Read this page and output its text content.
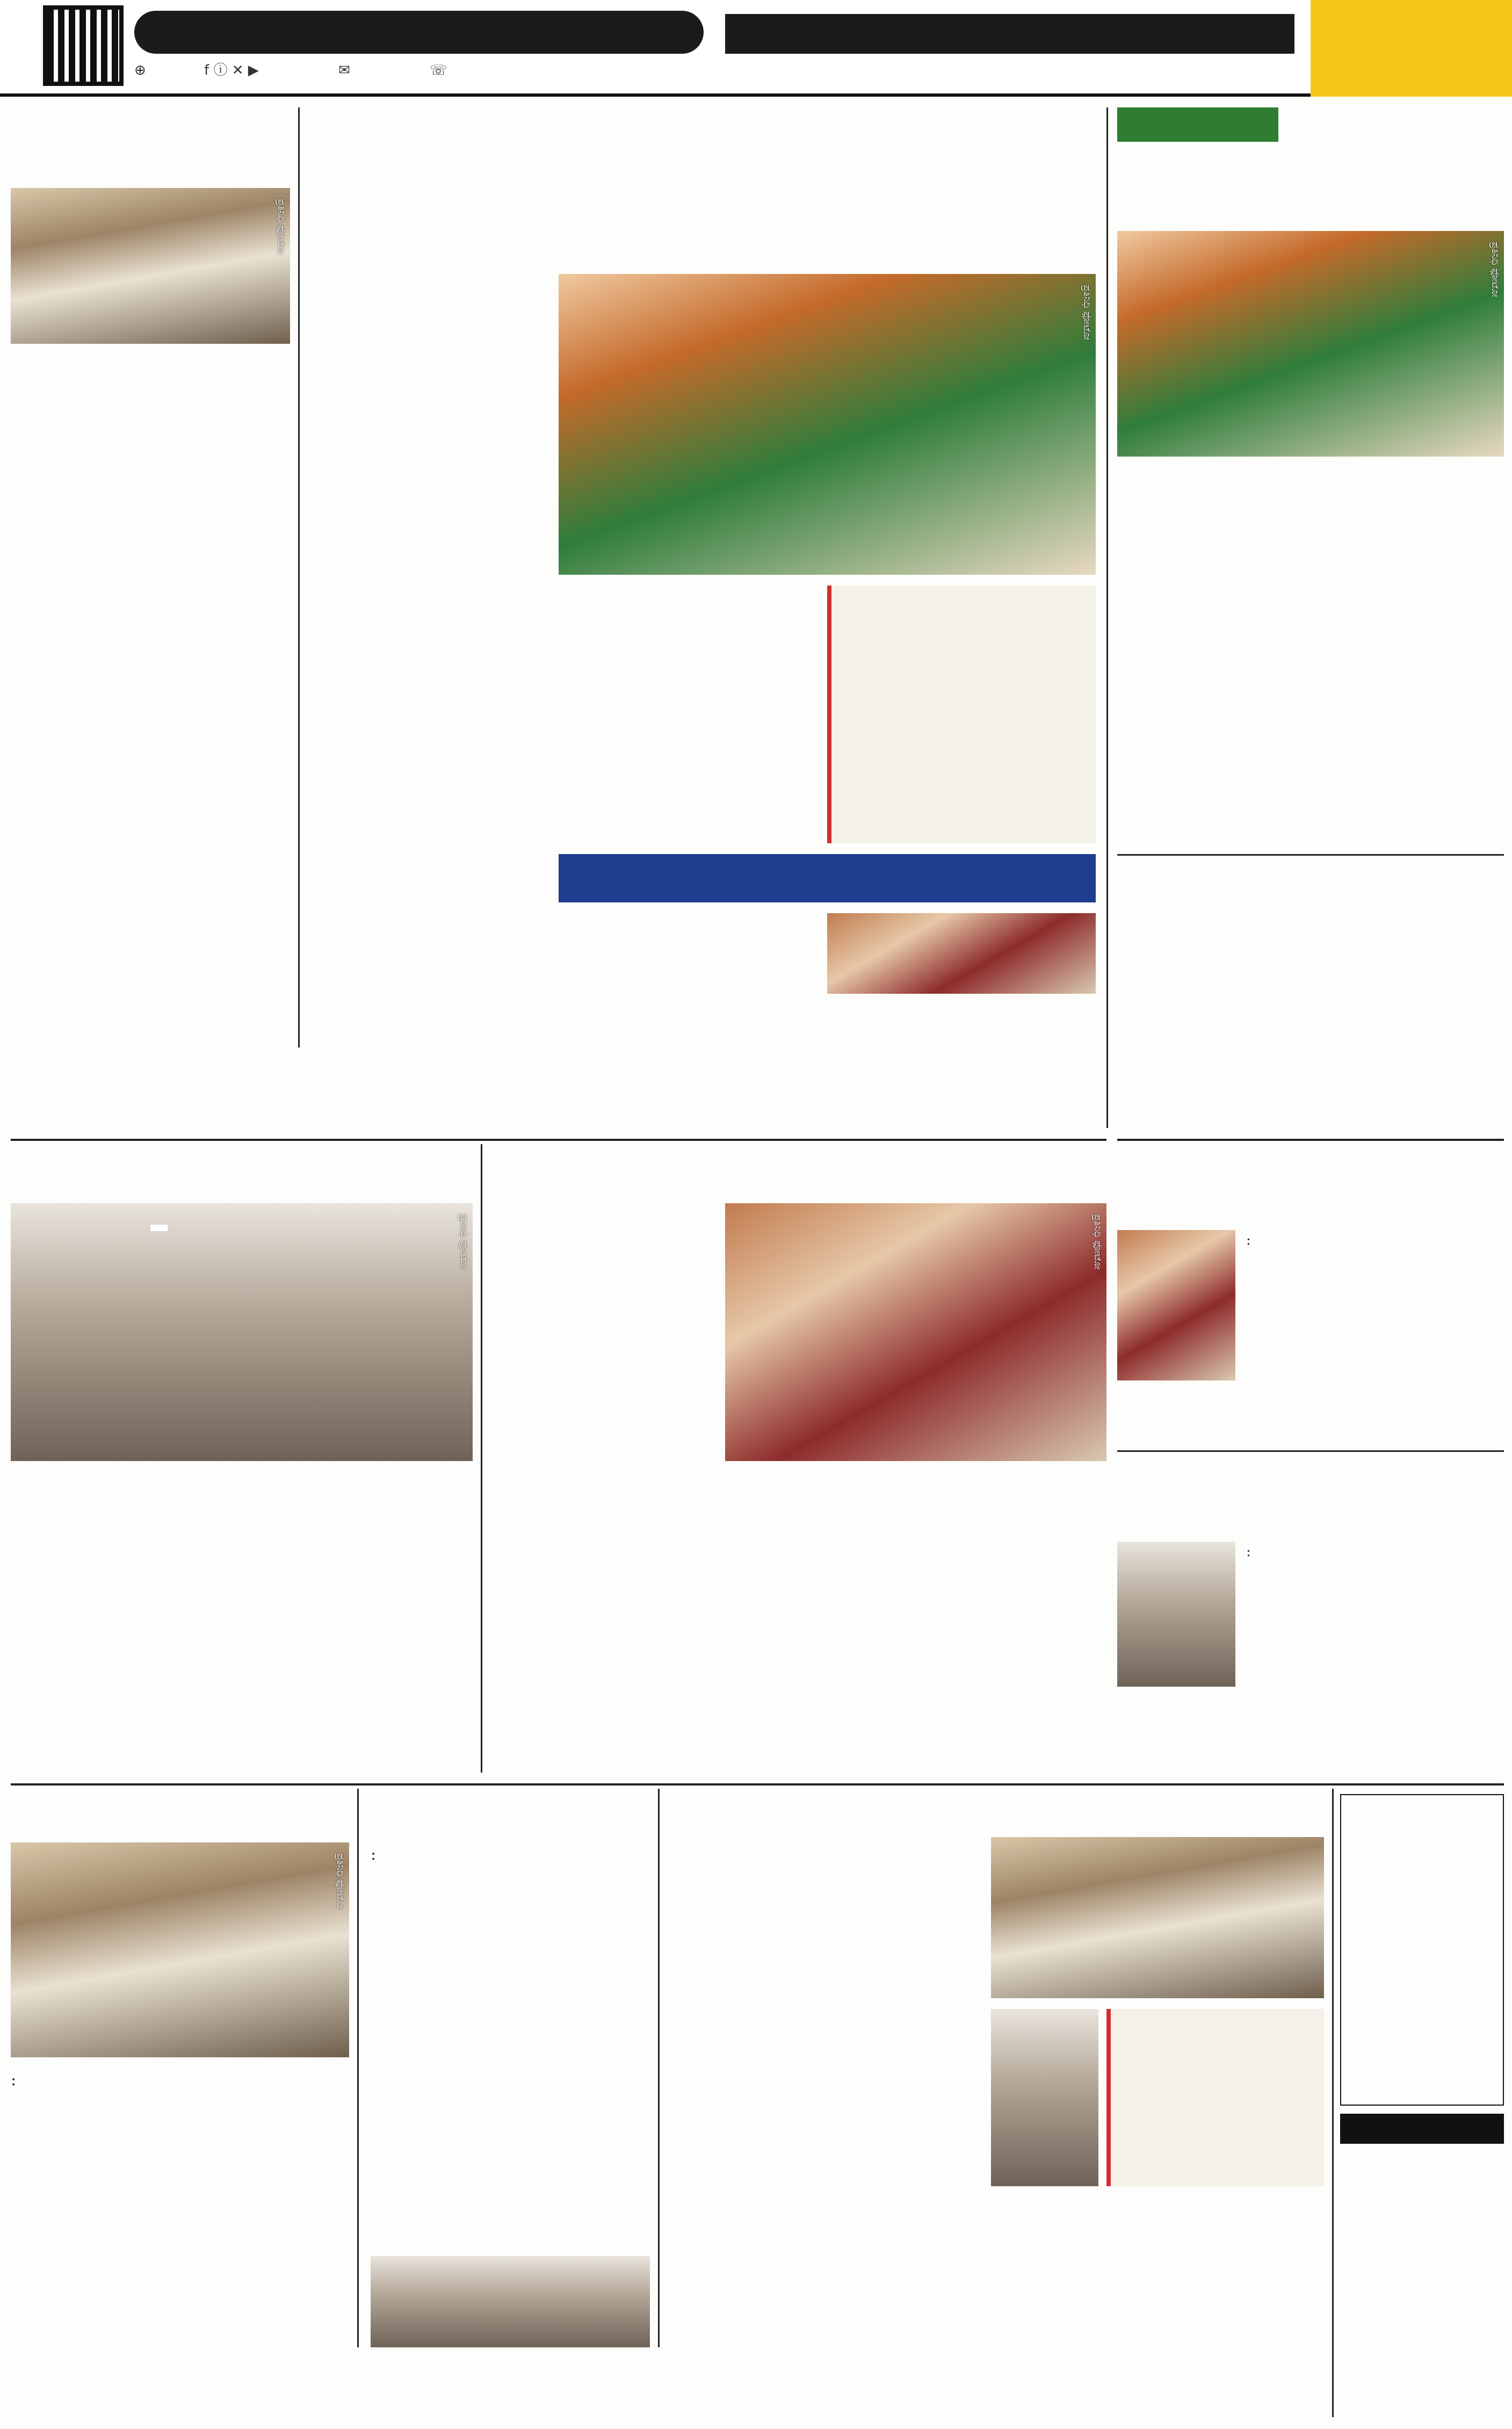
⊕	f ⓘ ✕ ▶	✉	☏
ಪ್ರತಿನಿಧಿ ಫೋಟೋ
ಪ್ರತಿನಿಧಿ ಫೋಟೋ
ಪ್ರತಿನಿಧಿ ಫೋಟೋ
ಪ್ರತಿನಿಧಿ ಫೋಟೋ	ಪ್ರತಿನಿಧಿ ಫೋಟೋ	:
:
ಪ್ರತಿನಿಧಿ ಫೋಟೋ
:
:
